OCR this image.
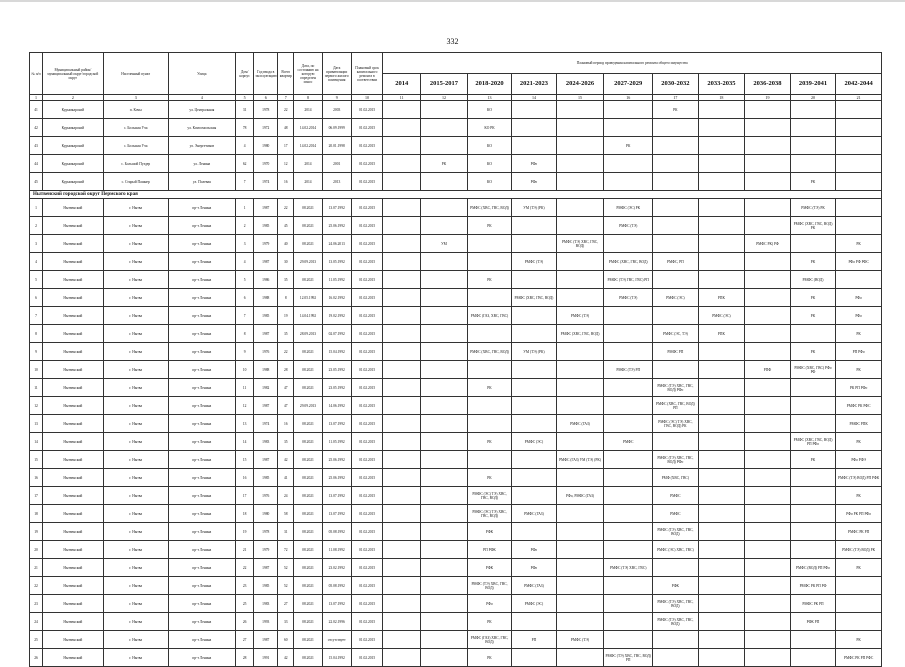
332
№ п/п	Муниципальный район/муниципальный округ/городской округ	Населенный пункт	Улица	Дом/корпус	Год ввода в эксплуатацию	Всего квартир	Дата, по состоянию на которую определен износ	Дата приватизации первого жилого помещения	Плановый срок капитального ремонта в соответствии	Плановый период проведения капитального ремонта общего имущества										
										2014	2015-2017	2018-2020	2021-2023	2024-2026	2027-2029	2030-2032	2033-2035	2036-2038	2039-2041	2042-2044
1	2	3	4	5	6	7	8	9	10	11	12	13	14	15	16	17	18	19	20	21
41	Кудымкарский	п. Кочы	ул. Центральная	31	1978	22	2014	2003	01.02.2015			КО				РК				
42	Кудымкарский	с. Большая Уча	ул. Комсомольская	78	1972	48	14.02.2014	06.09.1999	01.02.2015			КО РК								
43	Кудымкарский	с. Большая Уча	ул. Энергетиков	4	1980	17	14.02.2014	20.01.1998	01.02.2015			КО			РК					
44	Кудымкарский	с. Большой Пуздер	ул. Ленина	62	1970	12	2014	2001	01.02.2015		РК	КО	РФо							
45	Кудымкарский	с. Старый Пашнер	ул. Полевая	7	1974	16	2014	2013	01.02.2015			КО	РФо						РК	
Нытвенский городской округ Пермского края																				
1	Нытвенский	г. Нытва	пр-т Ленина	1	1987	22	08.2021	13.07.1992	01.02.2015			РМФС (ХВС, ГВС, ВОД)	УМ (ТЭ) (РК)		РМФС (ЭС) РК				РМФС (ТЭ) РК	
2	Нытвенский	г. Нытва	пр-т Ленина	2	1985	45	08.2021	25.06.1992	01.02.2015			РК			РМФС (ТЭ)				РМФС (ХВС, ГВС, ВОД) РК	
3	Нытвенский	г. Нытва	пр-т Ленина	3	1979	40	08.2021	24.06.2013	01.02.2015		УМ			РМФС (ТЭ) ХВС, ГВС, ВОД)				РМФС РК) РФ		РК
4	Нытвенский	г. Нытва	пр-т Ленина	4	1987	30	29.09.2013	13.05.1992	01.02.2015				РМФС (ТЭ)		РМФС (ХВС, ГВС, ВОД)	РМФС, РП			РК	РФо РФ РФС
5	Нытвенский	г. Нытва	пр-т Ленина	5	1986	35	08.2021	11.05.1992	01.02.2015			РК			РМФС (ТЭ) ГВС, ГВС) РП				РМФС (ВОД)	
6	Нытвенский	г. Нытва	пр-т Ленина	6	1988	8	12.05.1992	16.02.1992	01.02.2015				РМФС (ХВС, ГВС, ВОД)		РМФС (ТЭ)	РМФС (ЭС)	РПК		РК	РФо
7	Нытвенский	г. Нытва	пр-т Ленина	7	1985	19	14.04.1992	19.02.1992	01.02.2015			РМФС (ГАЗ, ХВС, ГВС)		РМФС (ТЭ)			РМФС (ЭС)		РК	РФо
8	Нытвенский	г. Нытва	пр-т Ленина	8	1987	35	28.09.2013	02.07.1992	01.02.2015					РМФС (ХВС, ГВС, ВОД)		РМФС (ЭС, ТЭ)	РПК			РК
9	Нытвенский	г. Нытва	пр-т Ленина	9	1976	22	08.2021	15.04.1992	01.02.2015			РМФС (ХВС, ГВС, ВОД)	УМ (ТЭ) (РК)			РМФС РП			РК	РП РФо
10	Нытвенский	г. Нытва	пр-т Ленина	10	1988	28	08.2021	23.05.1992	01.02.2015						РМФС (ТЭ) РП			РПФ	РМФС (ХВС, ГВС) РФо РФ	РК
11	Нытвенский	г. Нытва	пр-т Ленина	11	1982	47	08.2021	23.05.1992	01.02.2015			РК				РМФС (ТЭ) ХВС, ГВС, ВОД) РФо				РК РП РФо
12	Нытвенский	г. Нытва	пр-т Ленина	12	1987	47	29.09.2013	14.06.1992	01.02.2015							РМФС (ХВС, ГВС, ВОД) РП				РМФС РК РФС
13	Нытвенский	г. Нытва	пр-т Ленина	13	1974	16	08.2021	13.07.1992	01.02.2015					РМФС (ГАЗ)		РМФС (ЭС) ТЭ) ХВС, ГВС, ВОД) РК				РМФС РПК
14	Нытвенский	г. Нытва	пр-т Ленина	14	1983	35	08.2021	11.05.1992	01.02.2015			РК	РМФС (ЭС)		РМФС				РМФС (ХВС, ГВС, ВОД) РП РФо	РК
15	Нытвенский	г. Нытва	пр-т Ленина	15	1987	42	08.2021	25.06.1992	01.02.2015					РМФС (ГАЗ) УМ (ТЭ) (РК)		РМФС (ТЭ) ХВС, ГВС, ВОД) РФо			РК	РФо РФЭ
16	Нытвенский	г. Нытва	пр-т Ленина	16	1985	41	08.2021	25.06.1992	01.02.2015			РК				РМФ (ХВС, ГВС)				РМФС (ТЭ) ВОД) РП РФК
17	Нытвенский	г. Нытва	пр-т Ленина	17	1976	24	08.2021	13.07.1992	01.02.2015			РМФС (ЭС) ТЭ) ХВС, ГВС, ВОД)		РФо, РМФС (ГАЗ)		РМФС				РК
18	Нытвенский	г. Нытва	пр-т Ленина	18	1980	58	08.2021	13.07.1992	01.02.2015			РМФС (ЭС) ТЭ) ХВС, ГВС, ВОД)	РМФС (ГАЗ)			РМФС				РФо РК РП РФо
19	Нытвенский	г. Нытва	пр-т Ленина	19	1978	31	08.2021	05.08.1992	01.02.2015			РФК				РМФС (ТЭ) ХВС, ГВС, ВОД)				РМФС РК РП
20	Нытвенский	г. Нытва	пр-т Ленина	21	1979	72	08.2021	11.08.1992	01.02.2015			РП РФК	РФо			РМФС (ЭС) ХВС, ГВС)				РМФС (ТЭ) ВОД) РК
21	Нытвенский	г. Нытва	пр-т Ленина	22	1987	52	08.2021	23.02.1992	01.02.2015			РФК	РФо		РМФС (ТЭ) ХВС, ГВС)				РМФС (ВОД) РП РФо	РК
22	Нытвенский	г. Нытва	пр-т Ленина	23	1985	52	08.2021	05.08.1992	01.02.2015			РМФС (ТЭ) ХВС, ГВС, ВОД)	РМФС (ГАЗ)			РФК			РМФС РК РП РФ	
23	Нытвенский	г. Нытва	пр-т Ленина	25	1983	27	08.2021	13.07.1992	01.02.2015			РФо	РМФС (ЭС)			РМФС (ТЭ) ХВС, ГВС, ВОД)			РМФС РК РП	
24	Нытвенский	г. Нытва	пр-т Ленина	26	1993	33	08.2021	22.02.1996	01.02.2015			РК				РМФС (ТЭ) ХВС, ГВС, ВОД)			РФК РП	
25	Нытвенский	г. Нытва	пр-т Ленина	27	1987	60	08.2021	отсутствует	01.02.2015			РМФС (ГАЗ) ХВС, ГВС, ВОД)	РП	РМФС (ТЭ)						РК
26	Нытвенский	г. Нытва	пр-т Ленина	28	1991	42	08.2021	15.04.1992	01.02.2015			РК			РМФС (ТЭ) ХВС, ГВС, ВОД) РП					РМФС РК РП РФС
